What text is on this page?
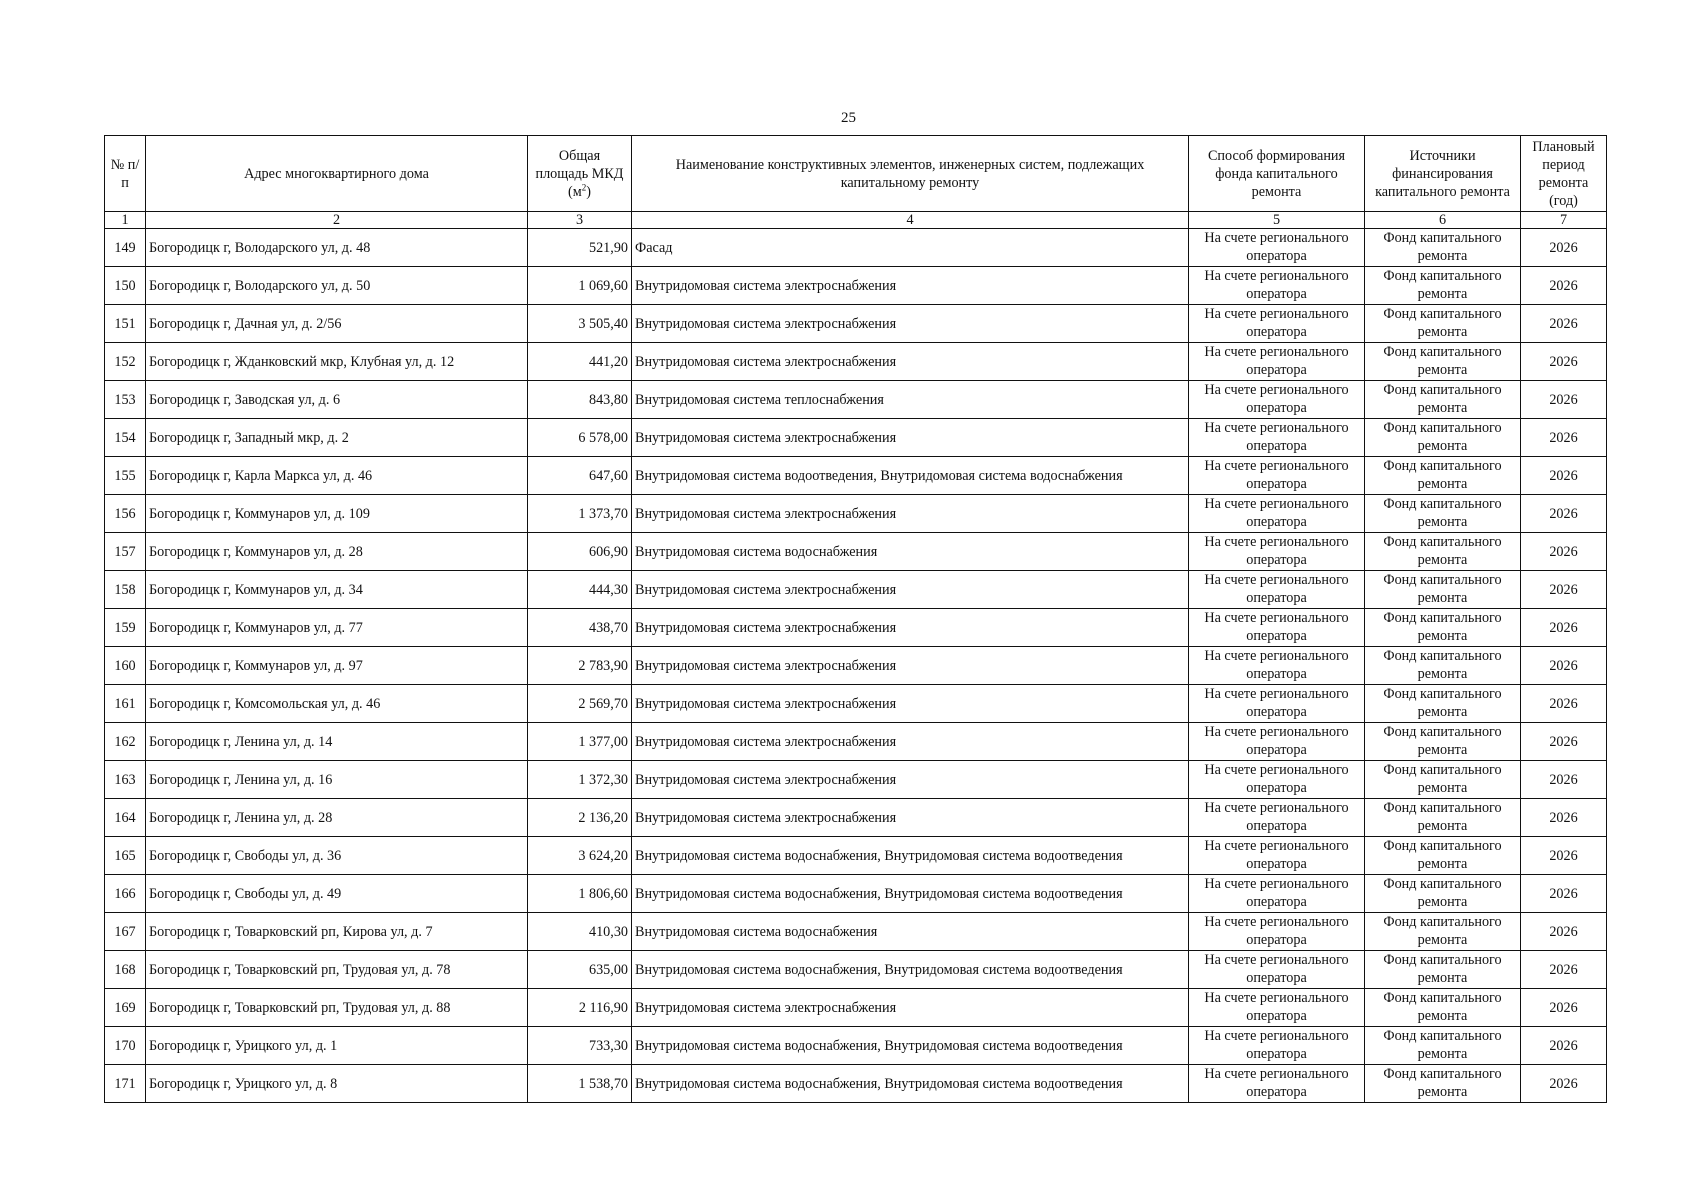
25
№ п/п	Адрес многоквартирного дома	Общая
площадь МКД
$(м^2)$	Наименование конструктивных элементов, инженерных систем, подлежащих капитальному ремонту	Способ формирования фонда капитального ремонта	Источники финансирования капитального ремонта	Плановый период ремонта (год)
1	2	3	4	5	6	7
149	Богородицк г, Володарского ул, д. 48	521,90	Фасад	На счете регионального оператора	Фонд капитального ремонта	2026
150	Богородицк г, Володарского ул, д. 50	1 069,60	Внутридомовая система электроснабжения	На счете регионального оператора	Фонд капитального ремонта	2026
151	Богородицк г, Дачная ул, д. 2/56	3 505,40	Внутридомовая система электроснабжения	На счете регионального оператора	Фонд капитального ремонта	2026
152	Богородицк г, Жданковский мкр, Клубная ул, д. 12	441,20	Внутридомовая система электроснабжения	На счете регионального оператора	Фонд капитального ремонта	2026
153	Богородицк г, Заводская ул, д. 6	843,80	Внутридомовая система теплоснабжения	На счете регионального оператора	Фонд капитального ремонта	2026
154	Богородицк г, Западный мкр, д. 2	6 578,00	Внутридомовая система электроснабжения	На счете регионального оператора	Фонд капитального ремонта	2026
155	Богородицк г, Карла Маркса ул, д. 46	647,60	Внутридомовая система водоотведения, Внутридомовая система водоснабжения	На счете регионального оператора	Фонд капитального ремонта	2026
156	Богородицк г, Коммунаров ул, д. 109	1 373,70	Внутридомовая система электроснабжения	На счете регионального оператора	Фонд капитального ремонта	2026
157	Богородицк г, Коммунаров ул, д. 28	606,90	Внутридомовая система водоснабжения	На счете регионального оператора	Фонд капитального ремонта	2026
158	Богородицк г, Коммунаров ул, д. 34	444,30	Внутридомовая система электроснабжения	На счете регионального оператора	Фонд капитального ремонта	2026
159	Богородицк г, Коммунаров ул, д. 77	438,70	Внутридомовая система электроснабжения	На счете регионального оператора	Фонд капитального ремонта	2026
160	Богородицк г, Коммунаров ул, д. 97	2 783,90	Внутридомовая система электроснабжения	На счете регионального оператора	Фонд капитального ремонта	2026
161	Богородицк г, Комсомольская ул, д. 46	2 569,70	Внутридомовая система электроснабжения	На счете регионального оператора	Фонд капитального ремонта	2026
162	Богородицк г, Ленина ул, д. 14	1 377,00	Внутридомовая система электроснабжения	На счете регионального оператора	Фонд капитального ремонта	2026
163	Богородицк г, Ленина ул, д. 16	1 372,30	Внутридомовая система электроснабжения	На счете регионального оператора	Фонд капитального ремонта	2026
164	Богородицк г, Ленина ул, д. 28	2 136,20	Внутридомовая система электроснабжения	На счете регионального оператора	Фонд капитального ремонта	2026
165	Богородицк г, Свободы ул, д. 36	3 624,20	Внутридомовая система водоснабжения, Внутридомовая система водоотведения	На счете регионального оператора	Фонд капитального ремонта	2026
166	Богородицк г, Свободы ул, д. 49	1 806,60	Внутридомовая система водоснабжения, Внутридомовая система водоотведения	На счете регионального оператора	Фонд капитального ремонта	2026
167	Богородицк г, Товарковский рп, Кирова ул, д. 7	410,30	Внутридомовая система водоснабжения	На счете регионального оператора	Фонд капитального ремонта	2026
168	Богородицк г, Товарковский рп, Трудовая ул, д. 78	635,00	Внутридомовая система водоснабжения, Внутридомовая система водоотведения	На счете регионального оператора	Фонд капитального ремонта	2026
169	Богородицк г, Товарковский рп, Трудовая ул, д. 88	2 116,90	Внутридомовая система электроснабжения	На счете регионального оператора	Фонд капитального ремонта	2026
170	Богородицк г, Урицкого ул, д. 1	733,30	Внутридомовая система водоснабжения, Внутридомовая система водоотведения	На счете регионального оператора	Фонд капитального ремонта	2026
171	Богородицк г, Урицкого ул, д. 8	1 538,70	Внутридомовая система водоснабжения, Внутридомовая система водоотведения	На счете регионального оператора	Фонд капитального ремонта	2026
